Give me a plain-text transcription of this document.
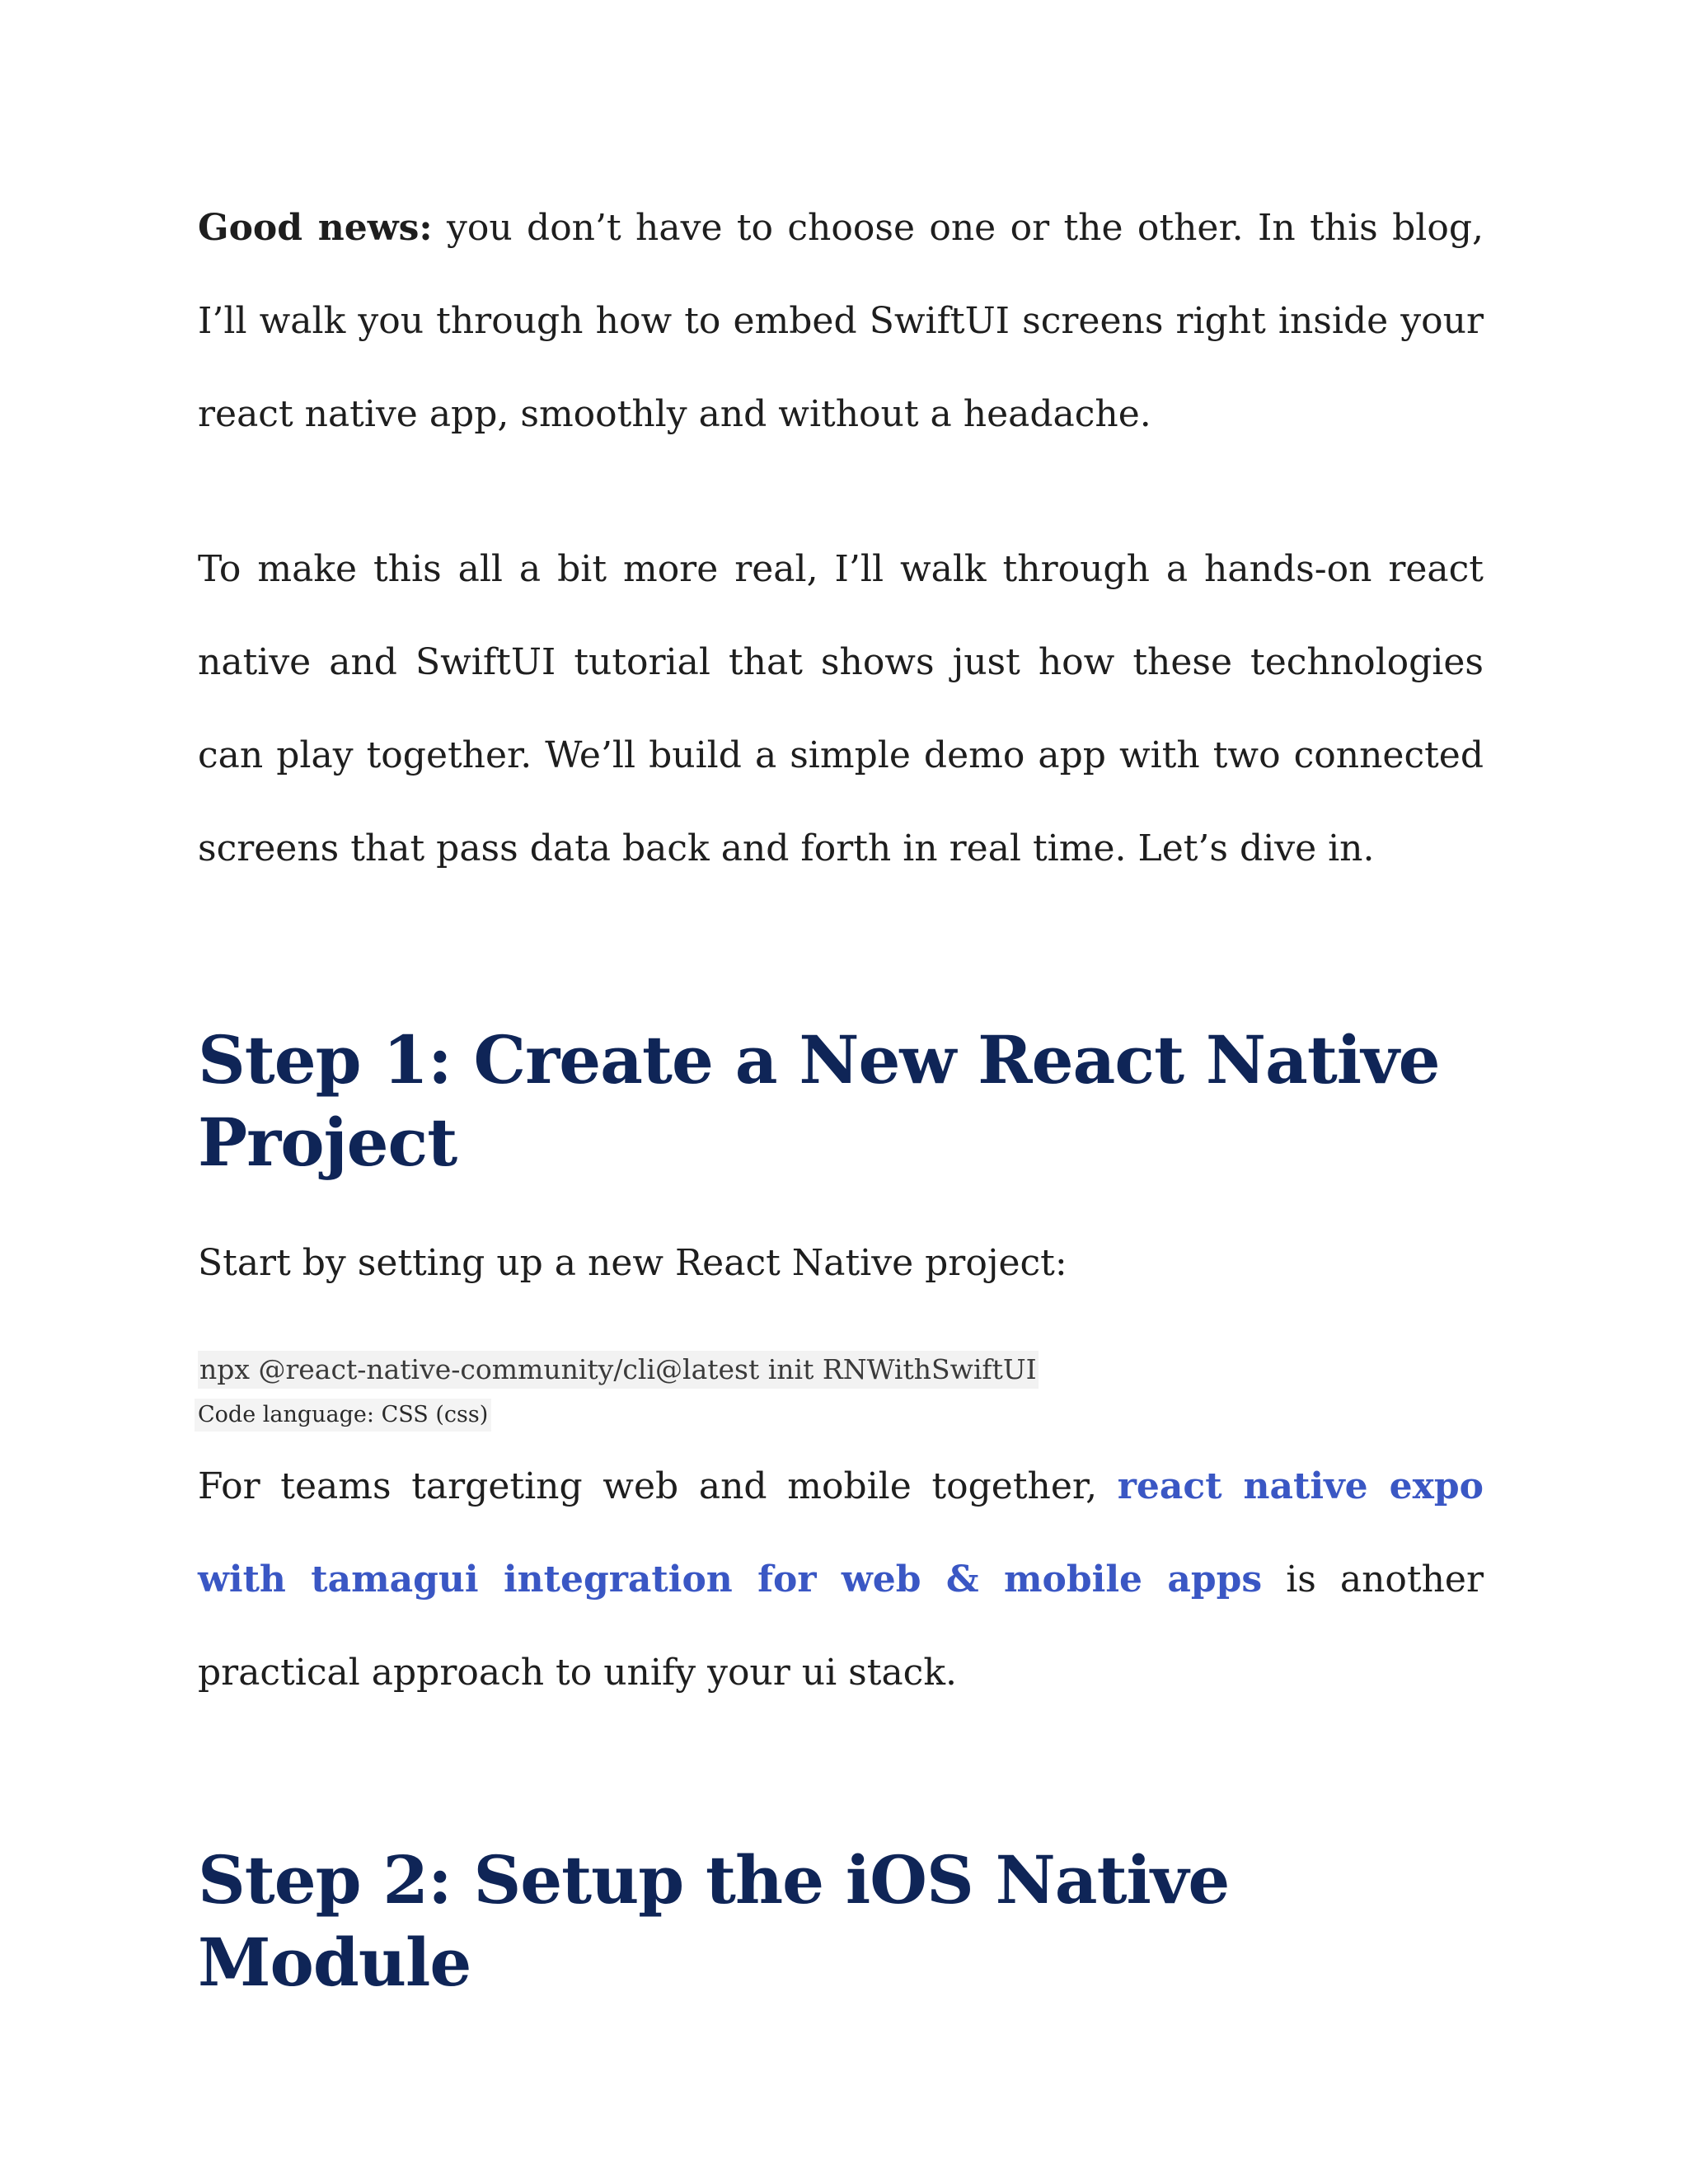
Good news: you don’t have to choose one or the other. In this blog, I’ll walk you through how to embed SwiftUI screens right inside your react native app, smoothly and without a headache.

To make this all a bit more real, I’ll walk through a hands-on react native and SwiftUI tutorial that shows just how these technologies can play together. We’ll build a simple demo app with two connected screens that pass data back and forth in real time. Let’s dive in.

Step 1: Create a New React Native Project

Start by setting up a new React Native project:

npx @react-native-community/cli@latest init RNWithSwiftUI
Code language: CSS (css)

For teams targeting web and mobile together, react native expo with tamagui integration for web & mobile apps is another practical approach to unify your ui stack.

Step 2: Setup the iOS Native Module
